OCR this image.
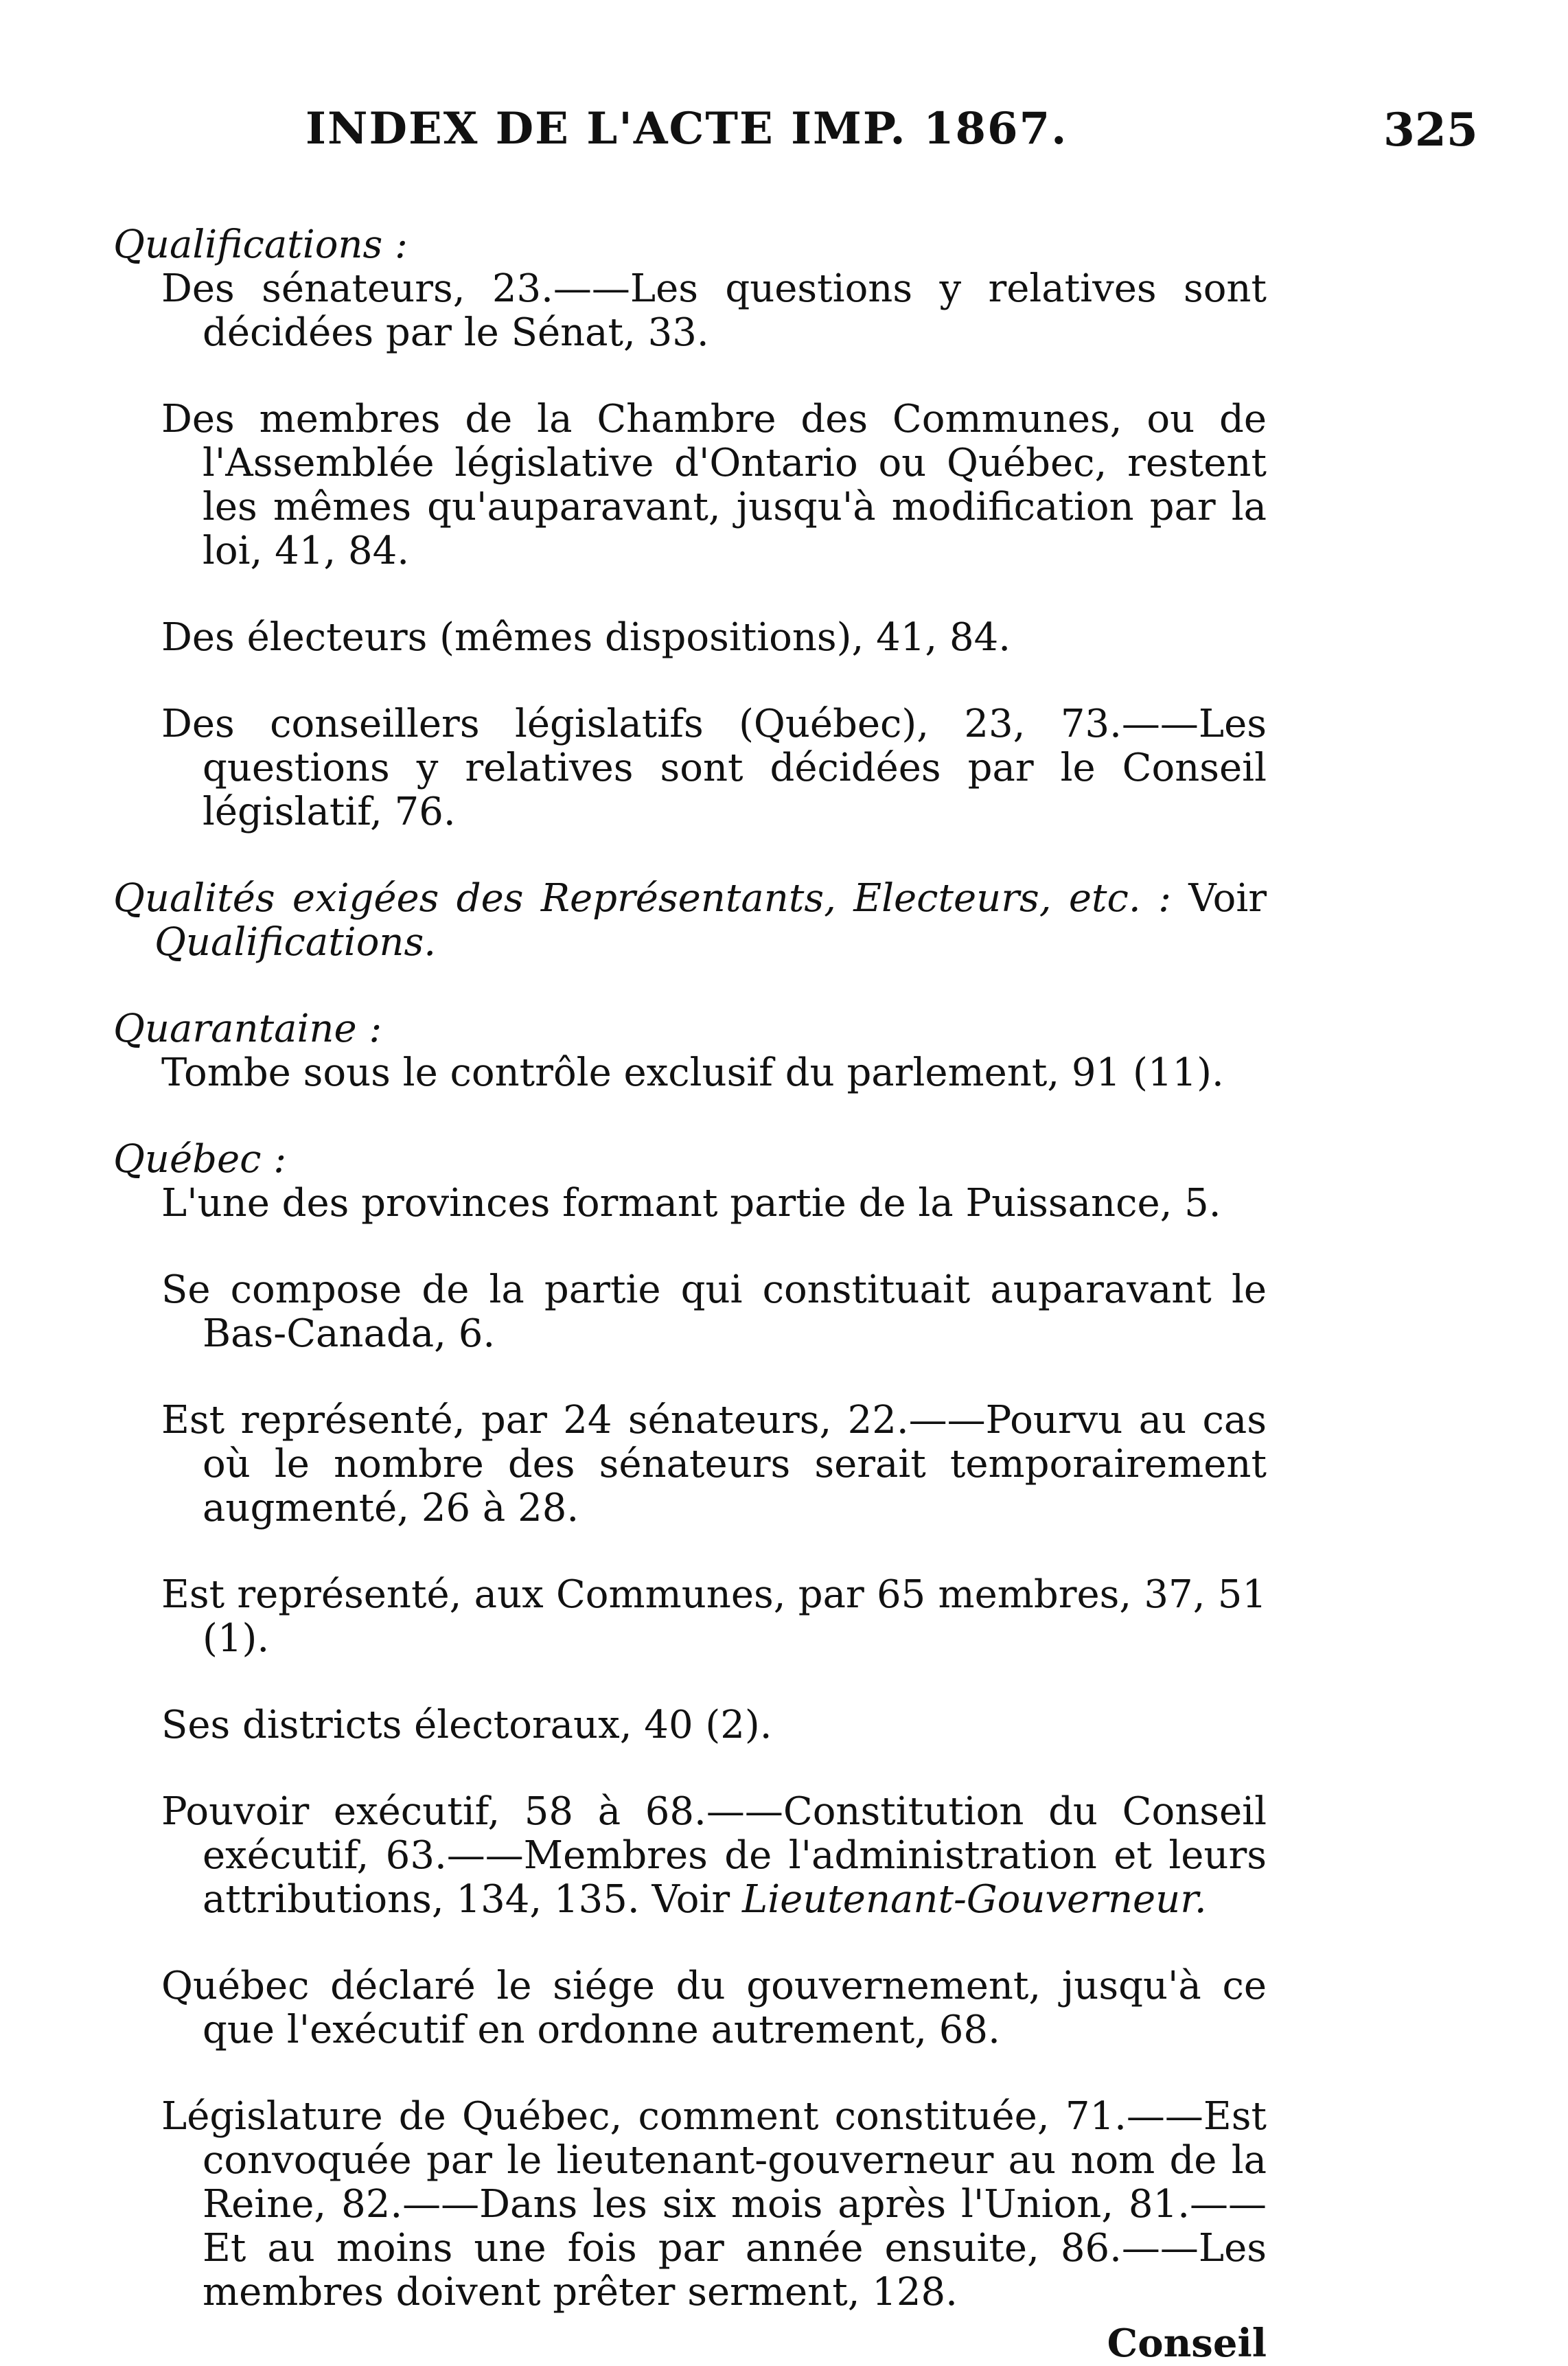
INDEX DE L'ACTE IMP. 1867.	325
Qualifications :
Des sénateurs, 23.——Les questions y relatives sont décidées par le Sénat, 33.
Des membres de la Chambre des Communes, ou de l'Assemblée législative d'Ontario ou Québec, restent les mêmes qu'auparavant, jusqu'à modification par la loi, 41, 84.
Des électeurs (mêmes dispositions), 41, 84.
Des conseillers législatifs (Québec), 23, 73.——Les questions y relatives sont décidées par le Conseil législatif, 76.
Qualités exigées des Représentants, Electeurs, etc. : Voir Qualifications.
Quarantaine :
Tombe sous le contrôle exclusif du parlement, 91 (11).
Québec :
L'une des provinces formant partie de la Puissance, 5.
Se compose de la partie qui constituait auparavant le Bas-Canada, 6.
Est représenté, par 24 sénateurs, 22.——Pourvu au cas où le nombre des sénateurs serait temporairement augmenté, 26 à 28.
Est représenté, aux Communes, par 65 membres, 37, 51 (1).
Ses districts électoraux, 40 (2).
Pouvoir exécutif, 58 à 68.——Constitution du Conseil exécutif, 63.——Membres de l'administration et leurs attributions, 134, 135. Voir Lieutenant-Gouverneur.
Québec déclaré le siége du gouvernement, jusqu'à ce que l'exécutif en ordonne autrement, 68.
Législature de Québec, comment constituée, 71.——Est convoquée par le lieutenant-gouverneur au nom de la Reine, 82.——Dans les six mois après l'Union, 81.——Et au moins une fois par année ensuite, 86.——Les membres doivent prêter serment, 128.
Conseil
